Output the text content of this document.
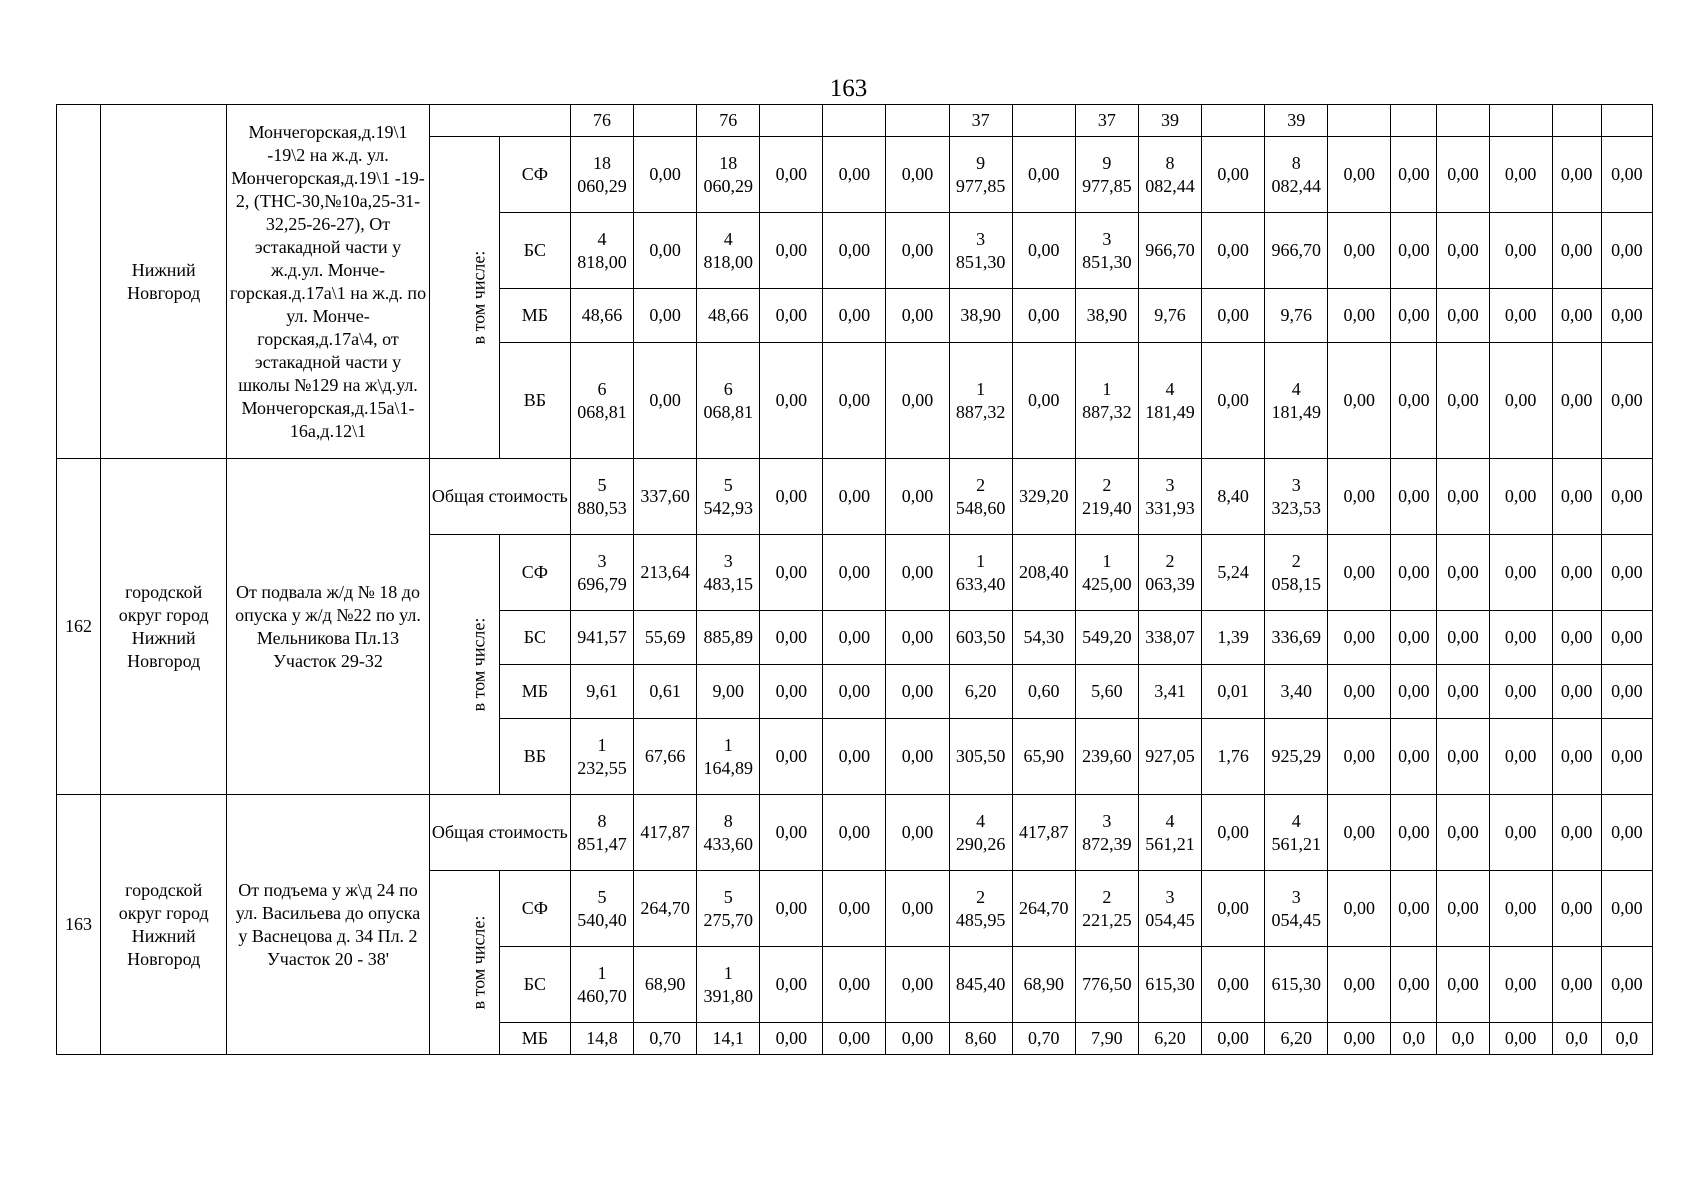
163
	Нижний Новгород	Мончегорская,д.19\1 -19\2 на ж.д. ул. Мончегорская,д.19\1 -19-2, (ТНС-30,№10а,25-31-32,25-26-27), От эстакадной части у ж.д.ул. Мончегорская.д.17а\1 на ж.д. по ул. Мончегорская,д.17а\4, от эстакадной части у школы №129 на ж\д.ул. Мончегорская,д.15а\1-16а,д.12\1			76		76				37		37	39		39						
			в том числе:	СФ	18 060,29	0,00	18 060,29	0,00	0,00	0,00	9 977,85	0,00	9 977,85	8 082,44	0,00	8 082,44	0,00	0,00	0,00	0,00	0,00	0,00
				БС	4 818,00	0,00	4 818,00	0,00	0,00	0,00	3 851,30	0,00	3 851,30	966,70	0,00	966,70	0,00	0,00	0,00	0,00	0,00	0,00
				МБ	48,66	0,00	48,66	0,00	0,00	0,00	38,90	0,00	38,90	9,76	0,00	9,76	0,00	0,00	0,00	0,00	0,00	0,00
				ВБ	6 068,81	0,00	6 068,81	0,00	0,00	0,00	1 887,32	0,00	1 887,32	4 181,49	0,00	4 181,49	0,00	0,00	0,00	0,00	0,00	0,00
162	городской округ город Нижний Новгород	От подвала ж/д № 18 до опуска у ж/д №22 по ул. Мельникова Пл.13 Участок 29-32	Общая стоимость		5 880,53	337,60	5 542,93	0,00	0,00	0,00	2 548,60	329,20	2 219,40	3 331,93	8,40	3 323,53	0,00	0,00	0,00	0,00	0,00	0,00
			в том числе:	СФ	3 696,79	213,64	3 483,15	0,00	0,00	0,00	1 633,40	208,40	1 425,00	2 063,39	5,24	2 058,15	0,00	0,00	0,00	0,00	0,00	0,00
				БС	941,57	55,69	885,89	0,00	0,00	0,00	603,50	54,30	549,20	338,07	1,39	336,69	0,00	0,00	0,00	0,00	0,00	0,00
				МБ	9,61	0,61	9,00	0,00	0,00	0,00	6,20	0,60	5,60	3,41	0,01	3,40	0,00	0,00	0,00	0,00	0,00	0,00
				ВБ	1 232,55	67,66	1 164,89	0,00	0,00	0,00	305,50	65,90	239,60	927,05	1,76	925,29	0,00	0,00	0,00	0,00	0,00	0,00
163	городской округ город Нижний Новгород	От подъема у ж\д 24 по ул. Васильева до опуска у Васнецова д. 34 Пл. 2 Участок 20 - 38'	Общая стоимость		8 851,47	417,87	8 433,60	0,00	0,00	0,00	4 290,26	417,87	3 872,39	4 561,21	0,00	4 561,21	0,00	0,00	0,00	0,00	0,00	0,00
			в том числе:	СФ	5 540,40	264,70	5 275,70	0,00	0,00	0,00	2 485,95	264,70	2 221,25	3 054,45	0,00	3 054,45	0,00	0,00	0,00	0,00	0,00	0,00
				БС	1 460,70	68,90	1 391,80	0,00	0,00	0,00	845,40	68,90	776,50	615,30	0,00	615,30	0,00	0,00	0,00	0,00	0,00	0,00
				МБ	14,8	0,70	14,1	0,00	0,00	0,00	8,60	0,70	7,90	6,20	0,00	6,20	0,00	0,0	0,0	0,00	0,0	0,0
